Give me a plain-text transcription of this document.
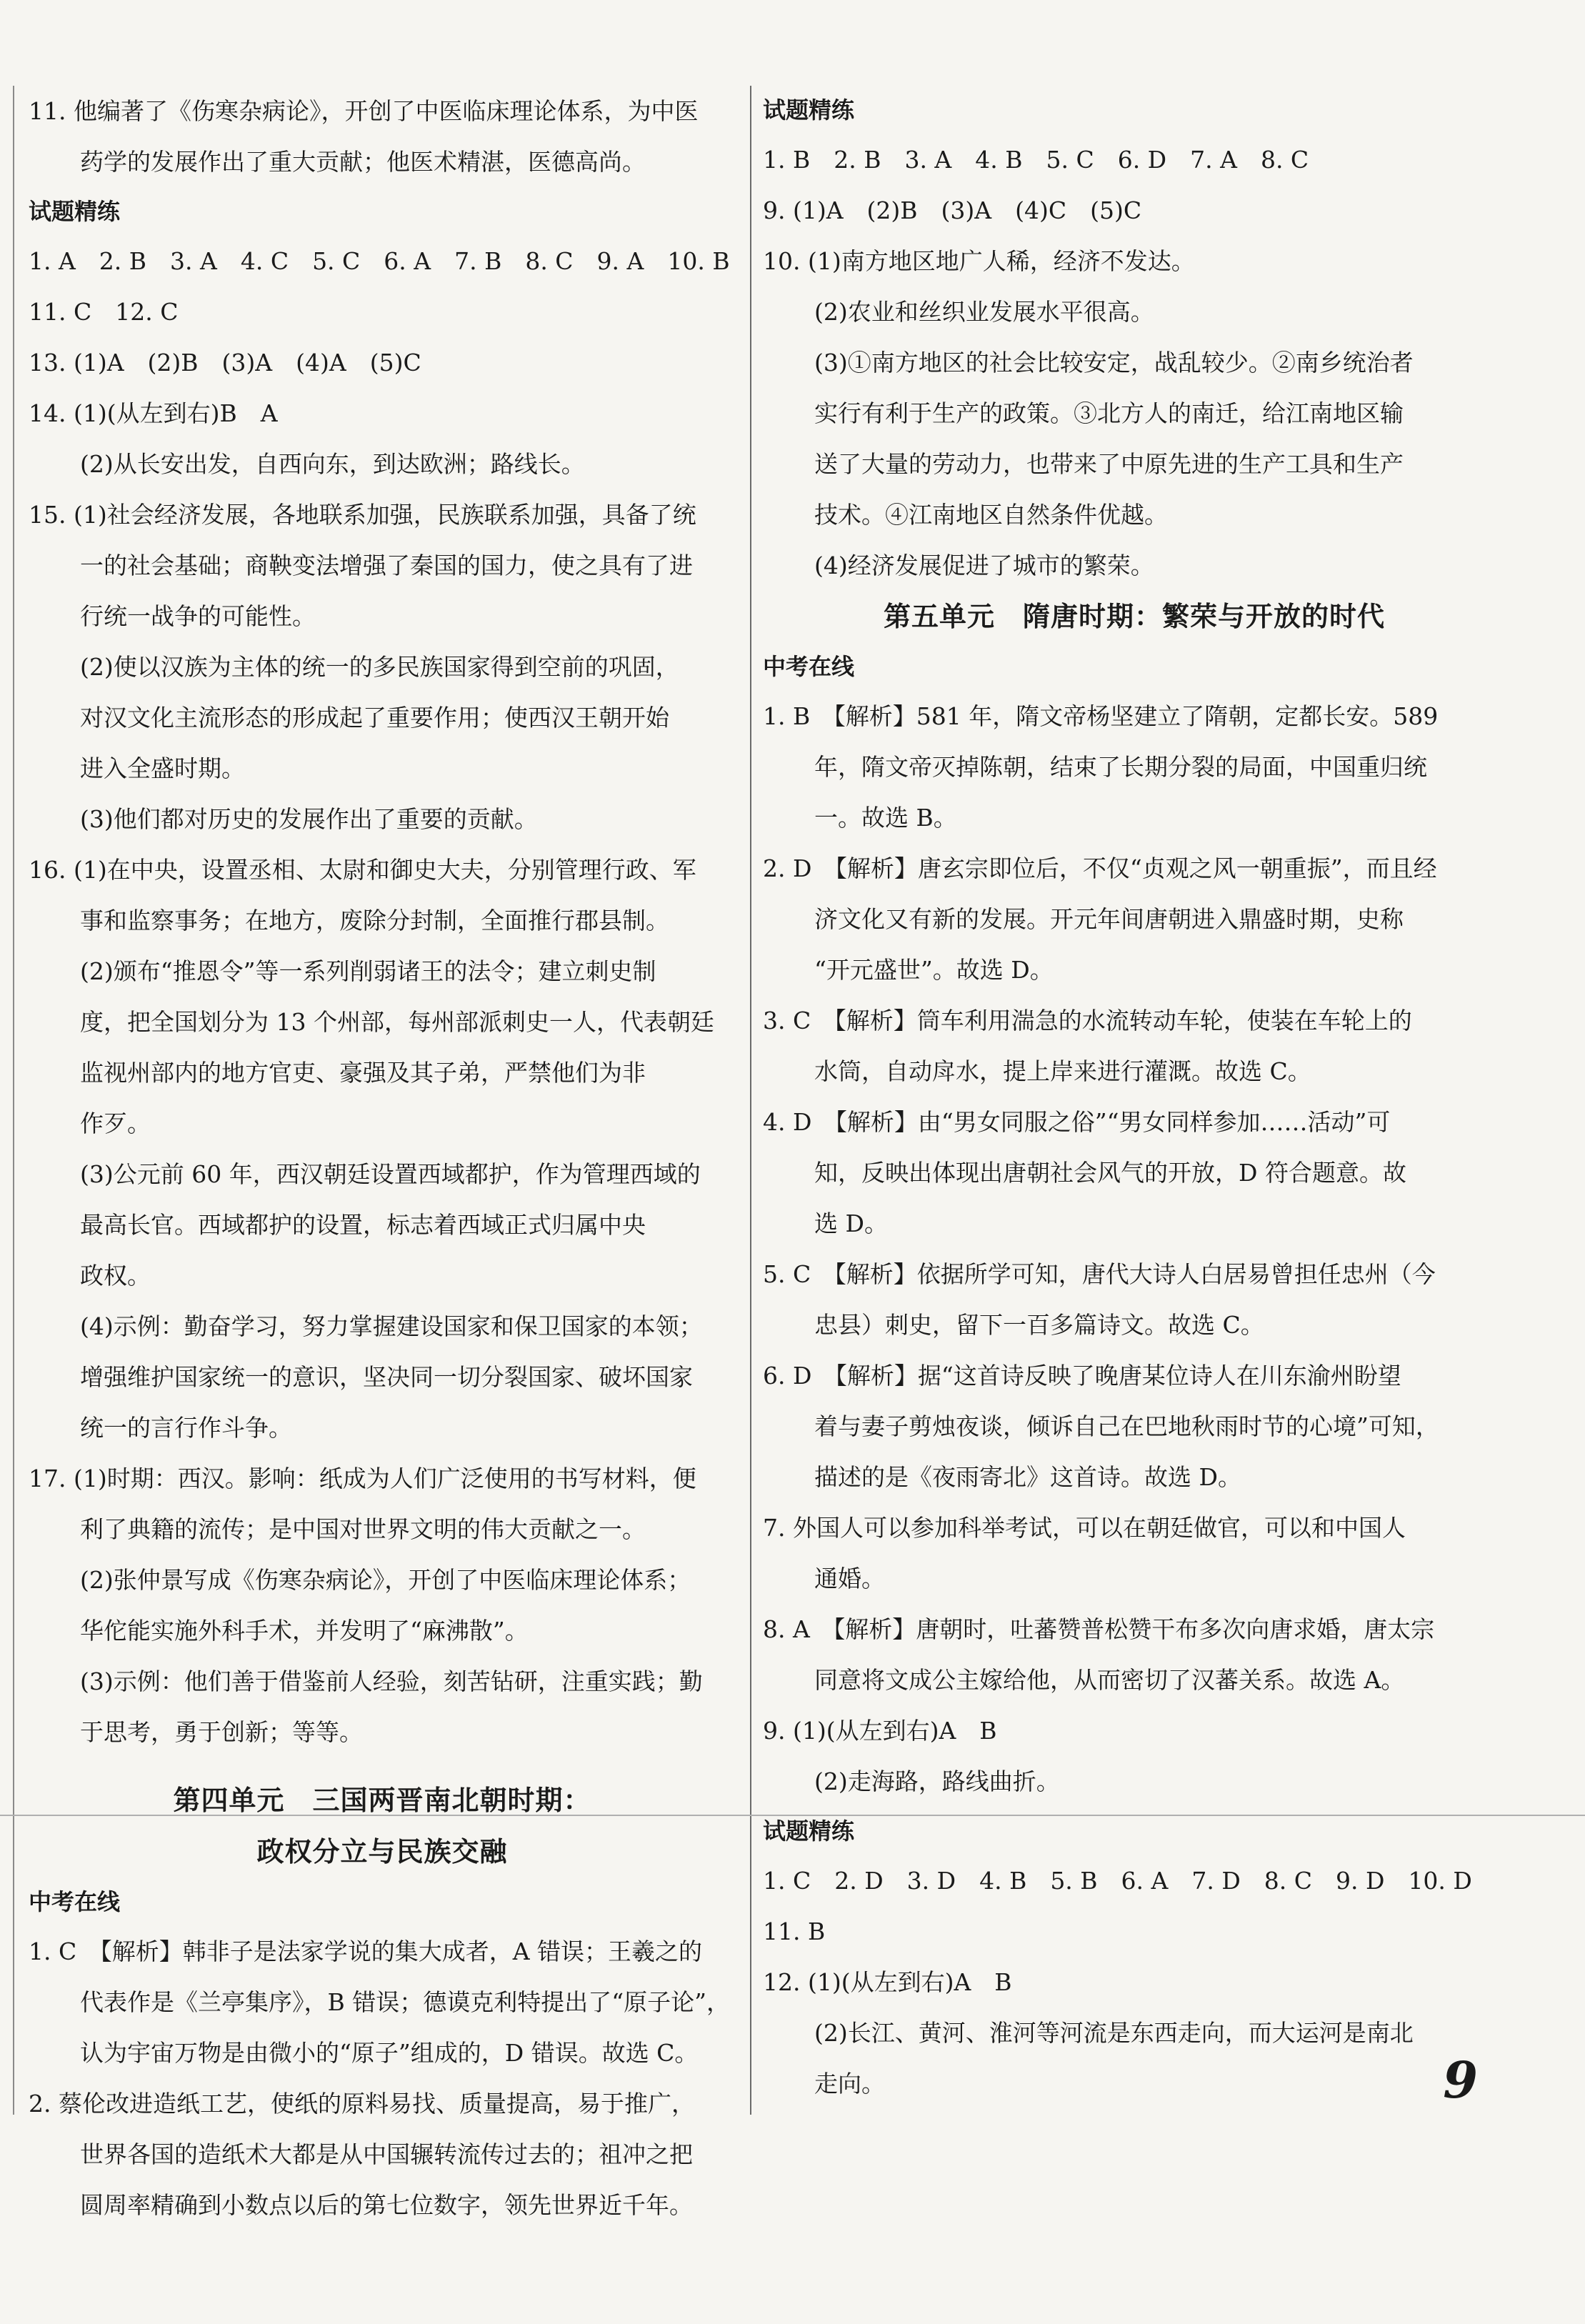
11. 他编著了《伤寒杂病论》，开创了中医临床理论体系，为中医
药学的发展作出了重大贡献；他医术精湛，医德高尚。
试题精练
1. A　2. B　3. A　4. C　5. C　6. A　7. B　8. C　9. A　10. B
11. C　12. C
13. (1)A　(2)B　(3)A　(4)A　(5)C
14. (1)(从左到右)B　A
(2)从长安出发，自西向东，到达欧洲；路线长。
15. (1)社会经济发展，各地联系加强，民族联系加强，具备了统
一的社会基础；商鞅变法增强了秦国的国力，使之具有了进
行统一战争的可能性。
(2)使以汉族为主体的统一的多民族国家得到空前的巩固，
对汉文化主流形态的形成起了重要作用；使西汉王朝开始
进入全盛时期。
(3)他们都对历史的发展作出了重要的贡献。
16. (1)在中央，设置丞相、太尉和御史大夫，分别管理行政、军
事和监察事务；在地方，废除分封制，全面推行郡县制。
(2)颁布“推恩令”等一系列削弱诸王的法令；建立刺史制
度，把全国划分为 13 个州部，每州部派刺史一人，代表朝廷
监视州部内的地方官吏、豪强及其子弟，严禁他们为非
作歹。
(3)公元前 60 年，西汉朝廷设置西域都护，作为管理西域的
最高长官。西域都护的设置，标志着西域正式归属中央
政权。
(4)示例：勤奋学习，努力掌握建设国家和保卫国家的本领；
增强维护国家统一的意识，坚决同一切分裂国家、破坏国家
统一的言行作斗争。
17. (1)时期：西汉。影响：纸成为人们广泛使用的书写材料，便
利了典籍的流传；是中国对世界文明的伟大贡献之一。
(2)张仲景写成《伤寒杂病论》，开创了中医临床理论体系；
华佗能实施外科手术，并发明了“麻沸散”。
(3)示例：他们善于借鉴前人经验，刻苦钻研，注重实践；勤
于思考，勇于创新；等等。
第四单元　三国两晋南北朝时期：
政权分立与民族交融
中考在线
1. C　【解析】韩非子是法家学说的集大成者，A 错误；王羲之的
代表作是《兰亭集序》，B 错误；德谟克利特提出了“原子论”，
认为宇宙万物是由微小的“原子”组成的，D 错误。故选 C。
2. 蔡伦改进造纸工艺，使纸的原料易找、质量提高，易于推广，
世界各国的造纸术大都是从中国辗转流传过去的；祖冲之把
圆周率精确到小数点以后的第七位数字，领先世界近千年。
试题精练
1. B　2. B　3. A　4. B　5. C　6. D　7. A　8. C
9. (1)A　(2)B　(3)A　(4)C　(5)C
10. (1)南方地区地广人稀，经济不发达。
(2)农业和丝织业发展水平很高。
(3)①南方地区的社会比较安定，战乱较少。②南乡统治者
实行有利于生产的政策。③北方人的南迁，给江南地区输
送了大量的劳动力，也带来了中原先进的生产工具和生产
技术。④江南地区自然条件优越。
(4)经济发展促进了城市的繁荣。
第五单元　隋唐时期：繁荣与开放的时代
中考在线
1. B　【解析】581 年，隋文帝杨坚建立了隋朝，定都长安。589
年，隋文帝灭掉陈朝，结束了长期分裂的局面，中国重归统
一。故选 B。
2. D　【解析】唐玄宗即位后，不仅“贞观之风一朝重振”，而且经
济文化又有新的发展。开元年间唐朝进入鼎盛时期，史称
“开元盛世”。故选 D。
3. C　【解析】筒车利用湍急的水流转动车轮，使装在车轮上的
水筒，自动戽水，提上岸来进行灌溉。故选 C。
4. D　【解析】由“男女同服之俗”“男女同样参加……活动”可
知，反映出体现出唐朝社会风气的开放，D 符合题意。故
选 D。
5. C　【解析】依据所学可知，唐代大诗人白居易曾担任忠州（今
忠县）刺史，留下一百多篇诗文。故选 C。
6. D　【解析】据“这首诗反映了晚唐某位诗人在川东渝州盼望
着与妻子剪烛夜谈，倾诉自己在巴地秋雨时节的心境”可知，
描述的是《夜雨寄北》这首诗。故选 D。
7. 外国人可以参加科举考试，可以在朝廷做官，可以和中国人
通婚。
8. A　【解析】唐朝时，吐蕃赞普松赞干布多次向唐求婚，唐太宗
同意将文成公主嫁给他，从而密切了汉蕃关系。故选 A。
9. (1)(从左到右)A　B
(2)走海路，路线曲折。
试题精练
1. C　2. D　3. D　4. B　5. B　6. A　7. D　8. C　9. D　10. D
11. B
12. (1)(从左到右)A　B
(2)长江、黄河、淮河等河流是东西走向，而大运河是南北
走向。	9
